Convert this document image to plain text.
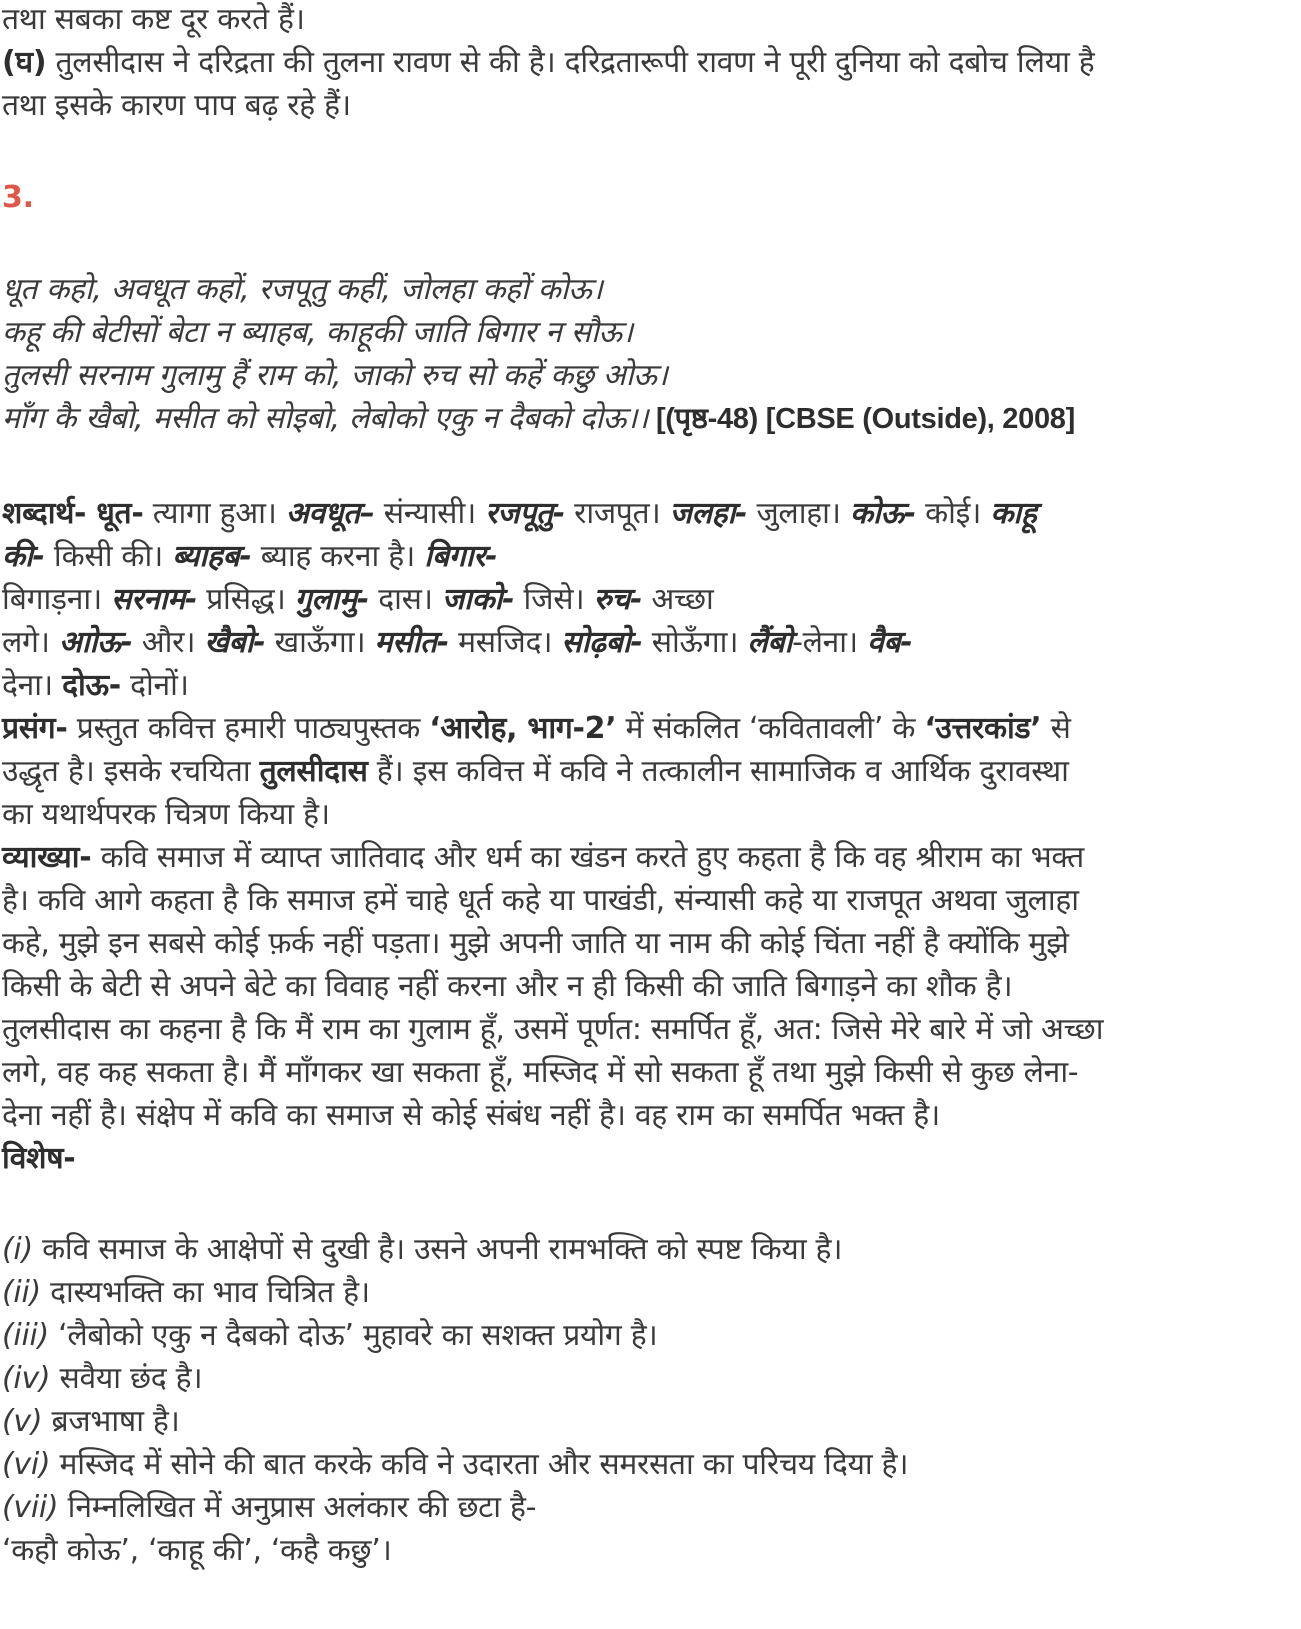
तथा सबका कष्ट दूर करते हैं।
(घ) तुलसीदास ने दरिद्रता की तुलना रावण से की है। दरिद्रतारूपी रावण ने पूरी दुनिया को दबोच लिया है
तथा इसके कारण पाप बढ़ रहे हैं।
3.
धूत कहो, अवधूत कहों, रजपूतु कहीं, जोलहा कहों कोऊ।
कहू की बेटीसों बेटा न ब्याहब, काहूकी जाति बिगार न सौऊ।
तुलसी सरनाम गुलामु हैं राम को, जाको रुच सो कहें कछु ओऊ।
माँग कै खैबो, मसीत को सोइबो, लेबोको एकु न दैबको दोऊ।। [(पृष्ठ-48) [CBSE (Outside), 2008]
शब्दार्थ- धूत- त्यागा हुआ। अवधूत– संन्यासी। रजपूतु- राजपूत। जलहा- जुलाहा। कोऊ- कोई। काहू
की- किसी की। ब्याहब- ब्याह करना है। बिगार-
बिगाड़ना। सरनाम- प्रसिद्ध। गुलामु- दास। जाको- जिसे। रुच- अच्छा
लगे। आोऊ- और। खैबो- खाऊँगा। मसीत- मसजिद। सोढ़बो- सोऊँगा। लैंबो-लेना। वैब-
देना। दोऊ- दोनों।
प्रसंग- प्रस्तुत कवित्त हमारी पाठ्यपुस्तक ‘आरोह, भाग-2’ में संकलित ‘कवितावली’ के ‘उत्तरकांड’ से
उद्धृत है। इसके रचयिता तुलसीदास हैं। इस कवित्त में कवि ने तत्कालीन सामाजिक व आर्थिक दुरावस्था
का यथार्थपरक चित्रण किया है।
व्याख्या- कवि समाज में व्याप्त जातिवाद और धर्म का खंडन करते हुए कहता है कि वह श्रीराम का भक्त
है। कवि आगे कहता है कि समाज हमें चाहे धूर्त कहे या पाखंडी, संन्यासी कहे या राजपूत अथवा जुलाहा
कहे, मुझे इन सबसे कोई फ़र्क नहीं पड़ता। मुझे अपनी जाति या नाम की कोई चिंता नहीं है क्योंकि मुझे
किसी के बेटी से अपने बेटे का विवाह नहीं करना और न ही किसी की जाति बिगाड़ने का शौक है।
तुलसीदास का कहना है कि मैं राम का गुलाम हूँ, उसमें पूर्णत: समर्पित हूँ, अत: जिसे मेरे बारे में जो अच्छा
लगे, वह कह सकता है। मैं माँगकर खा सकता हूँ, मस्जिद में सो सकता हूँ तथा मुझे किसी से कुछ लेना-
देना नहीं है। संक्षेप में कवि का समाज से कोई संबंध नहीं है। वह राम का समर्पित भक्त है।
विशेष-
(i) कवि समाज के आक्षेपों से दुखी है। उसने अपनी रामभक्ति को स्पष्ट किया है।
(ii) दास्यभक्ति का भाव चित्रित है।
(iii) ‘लैबोको एकु न दैबको दोऊ’ मुहावरे का सशक्त प्रयोग है।
(iv) सवैया छंद है।
(v) ब्रजभाषा है।
(vi) मस्जिद में सोने की बात करके कवि ने उदारता और समरसता का परिचय दिया है।
(vii) निम्नलिखित में अनुप्रास अलंकार की छटा है-
‘कहौ कोऊ’, ‘काहू की’, ‘कहै कछु’।
